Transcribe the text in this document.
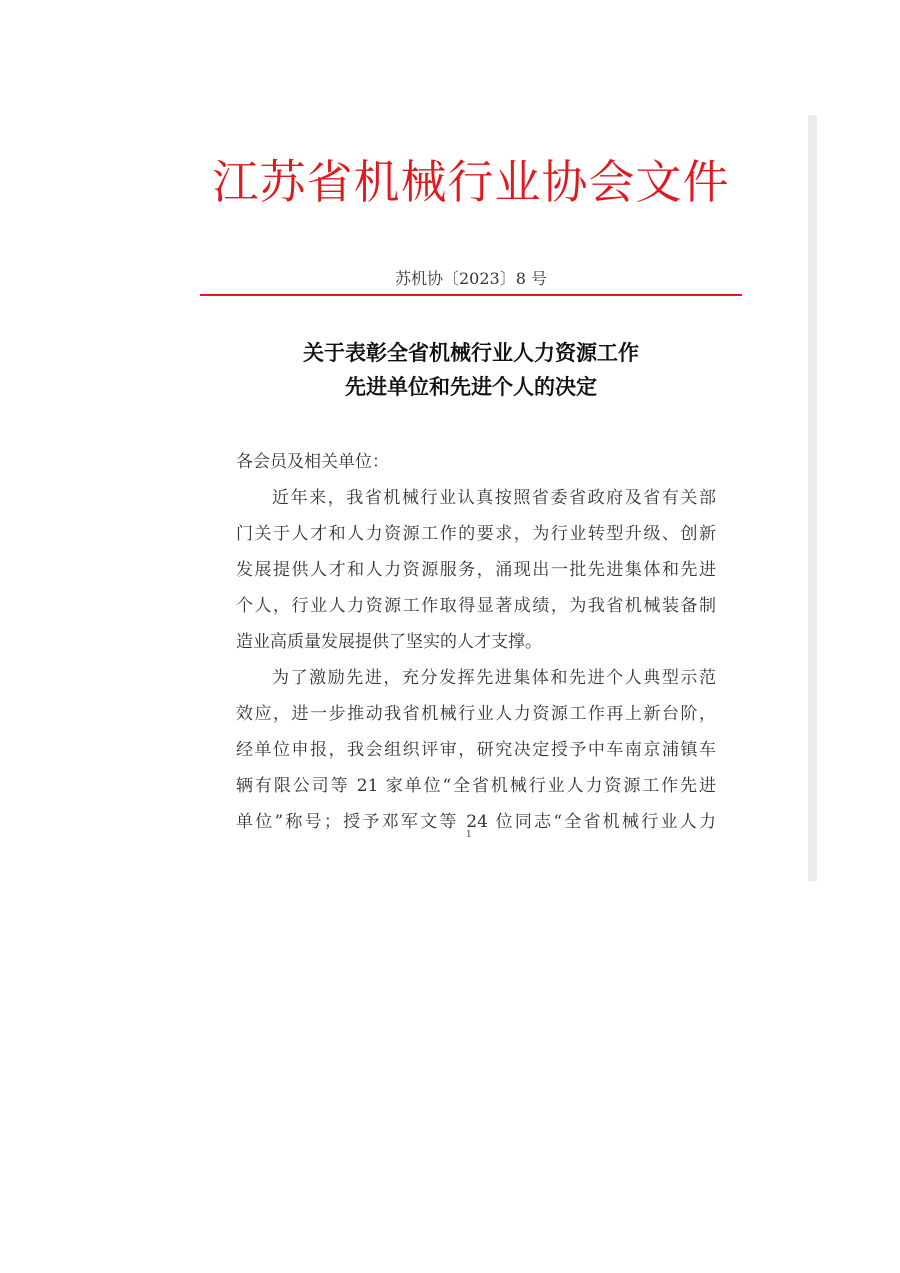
江苏省机械行业协会文件
苏机协〔2023〕8 号
关于表彰全省机械行业人力资源工作
先进单位和先进个人的决定
各会员及相关单位：
近年来，我省机械行业认真按照省委省政府及省有关部
门关于人才和人力资源工作的要求，为行业转型升级、创新
发展提供人才和人力资源服务，涌现出一批先进集体和先进
个人，行业人力资源工作取得显著成绩，为我省机械装备制
造业高质量发展提供了坚实的人才支撑。
为了激励先进，充分发挥先进集体和先进个人典型示范
效应，进一步推动我省机械行业人力资源工作再上新台阶，
经单位申报，我会组织评审，研究决定授予中车南京浦镇车
辆有限公司等 21 家单位“全省机械行业人力资源工作先进
单位”称号；授予邓军文等 24 位同志“全省机械行业人力
1
